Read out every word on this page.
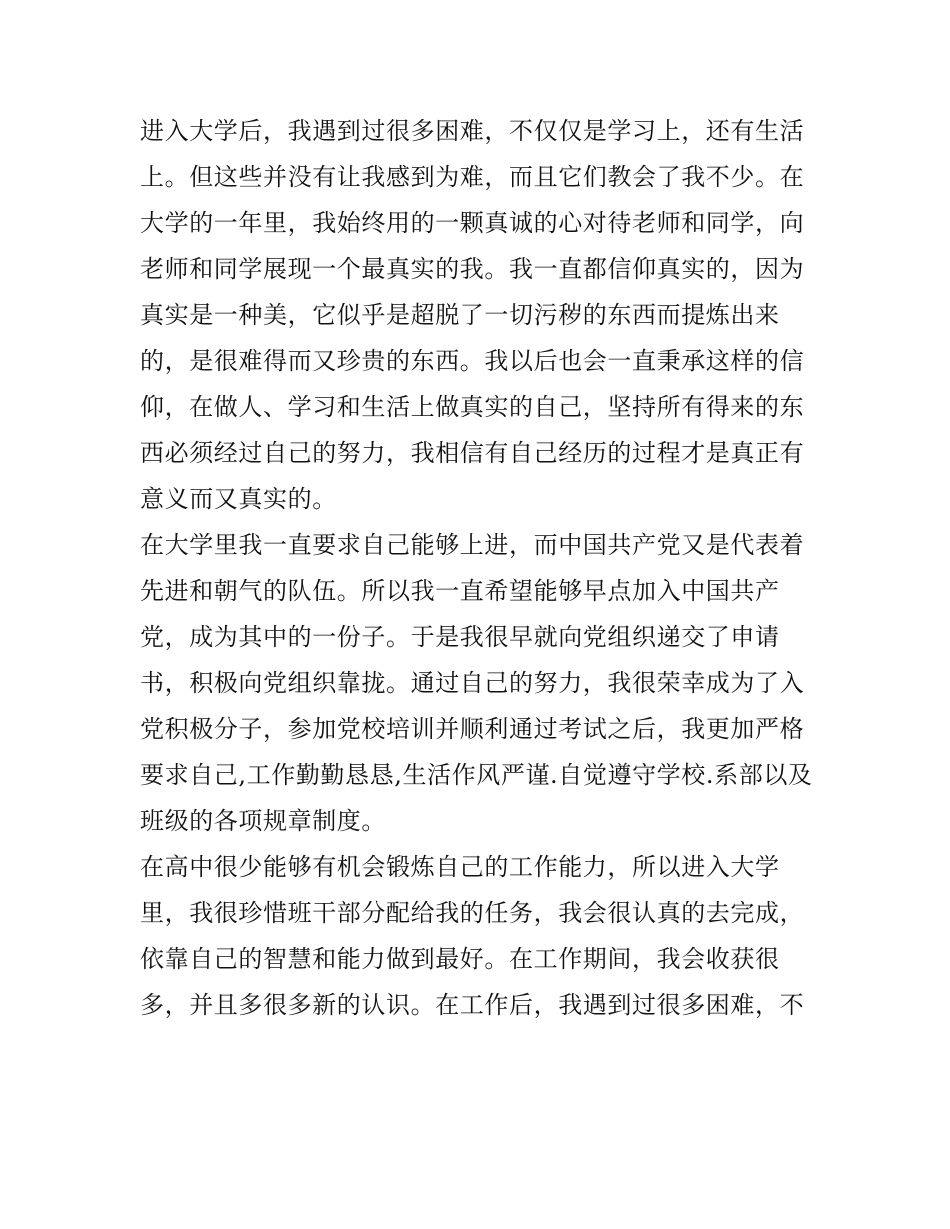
进入大学后，我遇到过很多困难，不仅仅是学习上，还有生活
上。但这些并没有让我感到为难，而且它们教会了我不少。在
大学的一年里，我始终用的一颗真诚的心对待老师和同学，向
老师和同学展现一个最真实的我。我一直都信仰真实的，因为
真实是一种美，它似乎是超脱了一切污秽的东西而提炼出来
的，是很难得而又珍贵的东西。我以后也会一直秉承这样的信
仰，在做人、学习和生活上做真实的自己，坚持所有得来的东
西必须经过自己的努力，我相信有自己经历的过程才是真正有
意义而又真实的。
在大学里我一直要求自己能够上进，而中国共产党又是代表着
先进和朝气的队伍。所以我一直希望能够早点加入中国共产
党，成为其中的一份子。于是我很早就向党组织递交了申请
书，积极向党组织靠拢。通过自己的努力，我很荣幸成为了入
党积极分子，参加党校培训并顺利通过考试之后，我更加严格
要求自己,工作勤勤恳恳,生活作风严谨.自觉遵守学校.系部以及
班级的各项规章制度。
在高中很少能够有机会锻炼自己的工作能力，所以进入大学
里，我很珍惜班干部分配给我的任务，我会很认真的去完成，
依靠自己的智慧和能力做到最好。在工作期间，我会收获很
多，并且多很多新的认识。在工作后，我遇到过很多困难，不
